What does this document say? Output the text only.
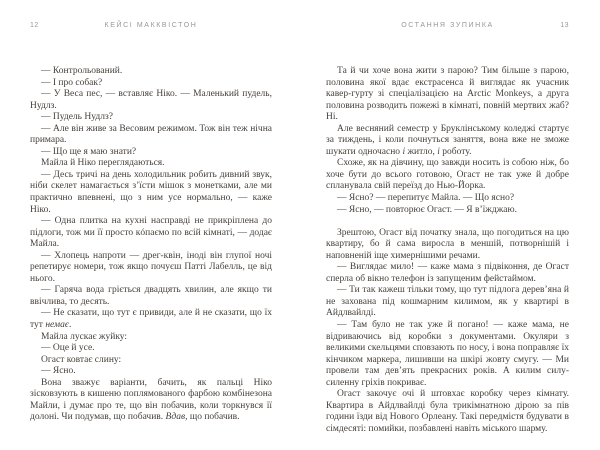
12	КЕЙСІ МАККВІСТОН

— Контрольований.

— І про собак?

— У Веса пес, — вставляє Ніко. — Маленький пудель, Нудлз.

— Пудель Нудлз?

— Але він живе за Весовим режимом. Тож він теж нічна примара.

— Що ще я маю знати?

Майла й Ніко переглядаються.

— Десь тричі на день холодильник робить дивний звук, ніби скелет намагається з’їсти мішок з монетками, але ми практично впевнені, що з ним усе нормально, — каже Ніко.

— Одна плитка на кухні насправді не прикріплена до підлоги, тож ми її просто кóпаємо по всій кімнаті, — додає Майла.

— Хлопець напроти — дрег-квін, іноді він глупої ночі репетирує номери, тож якщо почуєш Патті Лабелль, це від нього.

— Гаряча вода гріється двадцять хвилин, але якщо ти ввічлива, то десять.

— Не сказати, що тут є привиди, але й не сказати, що їх тут немає.

Майла лускає жуйку:

— Оце й усе.

Огаст ковтає слину:

— Ясно.

Вона зважує варіанти, бачить, як пальці Ніко зісковзують в кишеню поплямованого фарбою комбінезона Майли, і думає про те, що він побачив, коли торкнувся її долоні. Чи подумав, що побачив. Вдав, що побачив.

ОСТАННЯ ЗУПИНКА	13

Та й чи хоче вона жити з парою? Тим більше з парою, половина якої вдає екстрасенса й виглядає як учасник кавер-гурту зі спеціалізацією на Arctic Monkeys, а друга половина розводить пожежі в кімнаті, повній мертвих жаб? Ні.

Але весняний семестр у Бруклінському коледжі стартує за тиждень, і коли почнуться заняття, вона вже не зможе шукати одночасно і житло, і роботу.

Схоже, як на дівчину, що завжди носить із собою ніж, бо хоче бути до всього готовою, Огаст не так уже й добре спланувала свій переїзд до Нью-Йорка.

— Ясно? — перепитує Майла. — Що ясно?

— Ясно, — повторює Огаст. — Я в’їжджаю.

Зрештою, Огаст від початку знала, що погодиться на цю квартиру, бо й сама виросла в меншій, потворнішій і наповненій іще химернішими речами.

— Виглядає мило! — каже мама з підвіконня, де Огаст сперла об вікно телефон із запущеним фейстаймом.

— Ти так кажеш тільки тому, що тут підлога дерев’яна й не захована під кошмарним килимом, як у квартирі в Айдлвайлді.

— Там було не так уже й погано! — каже мама, не відриваючись від коробки з документами. Окуляри з великими скельцями сповзають по носу, і вона поправляє їх кінчиком маркера, лишивши на шкірі жовту смугу. — Ми провели там дев’ять прекрасних років. А килим силу-силенну гріхів покриває.

Огаст закочує очі й штовхає коробку через кімнату. Квартира в Айдлвайлді була трикімнатною дірою за пів години їзди від Нового Орлеану. Такі передмістя будувати в сімдесяті: помийки, позбавлені навіть міського шарму.
